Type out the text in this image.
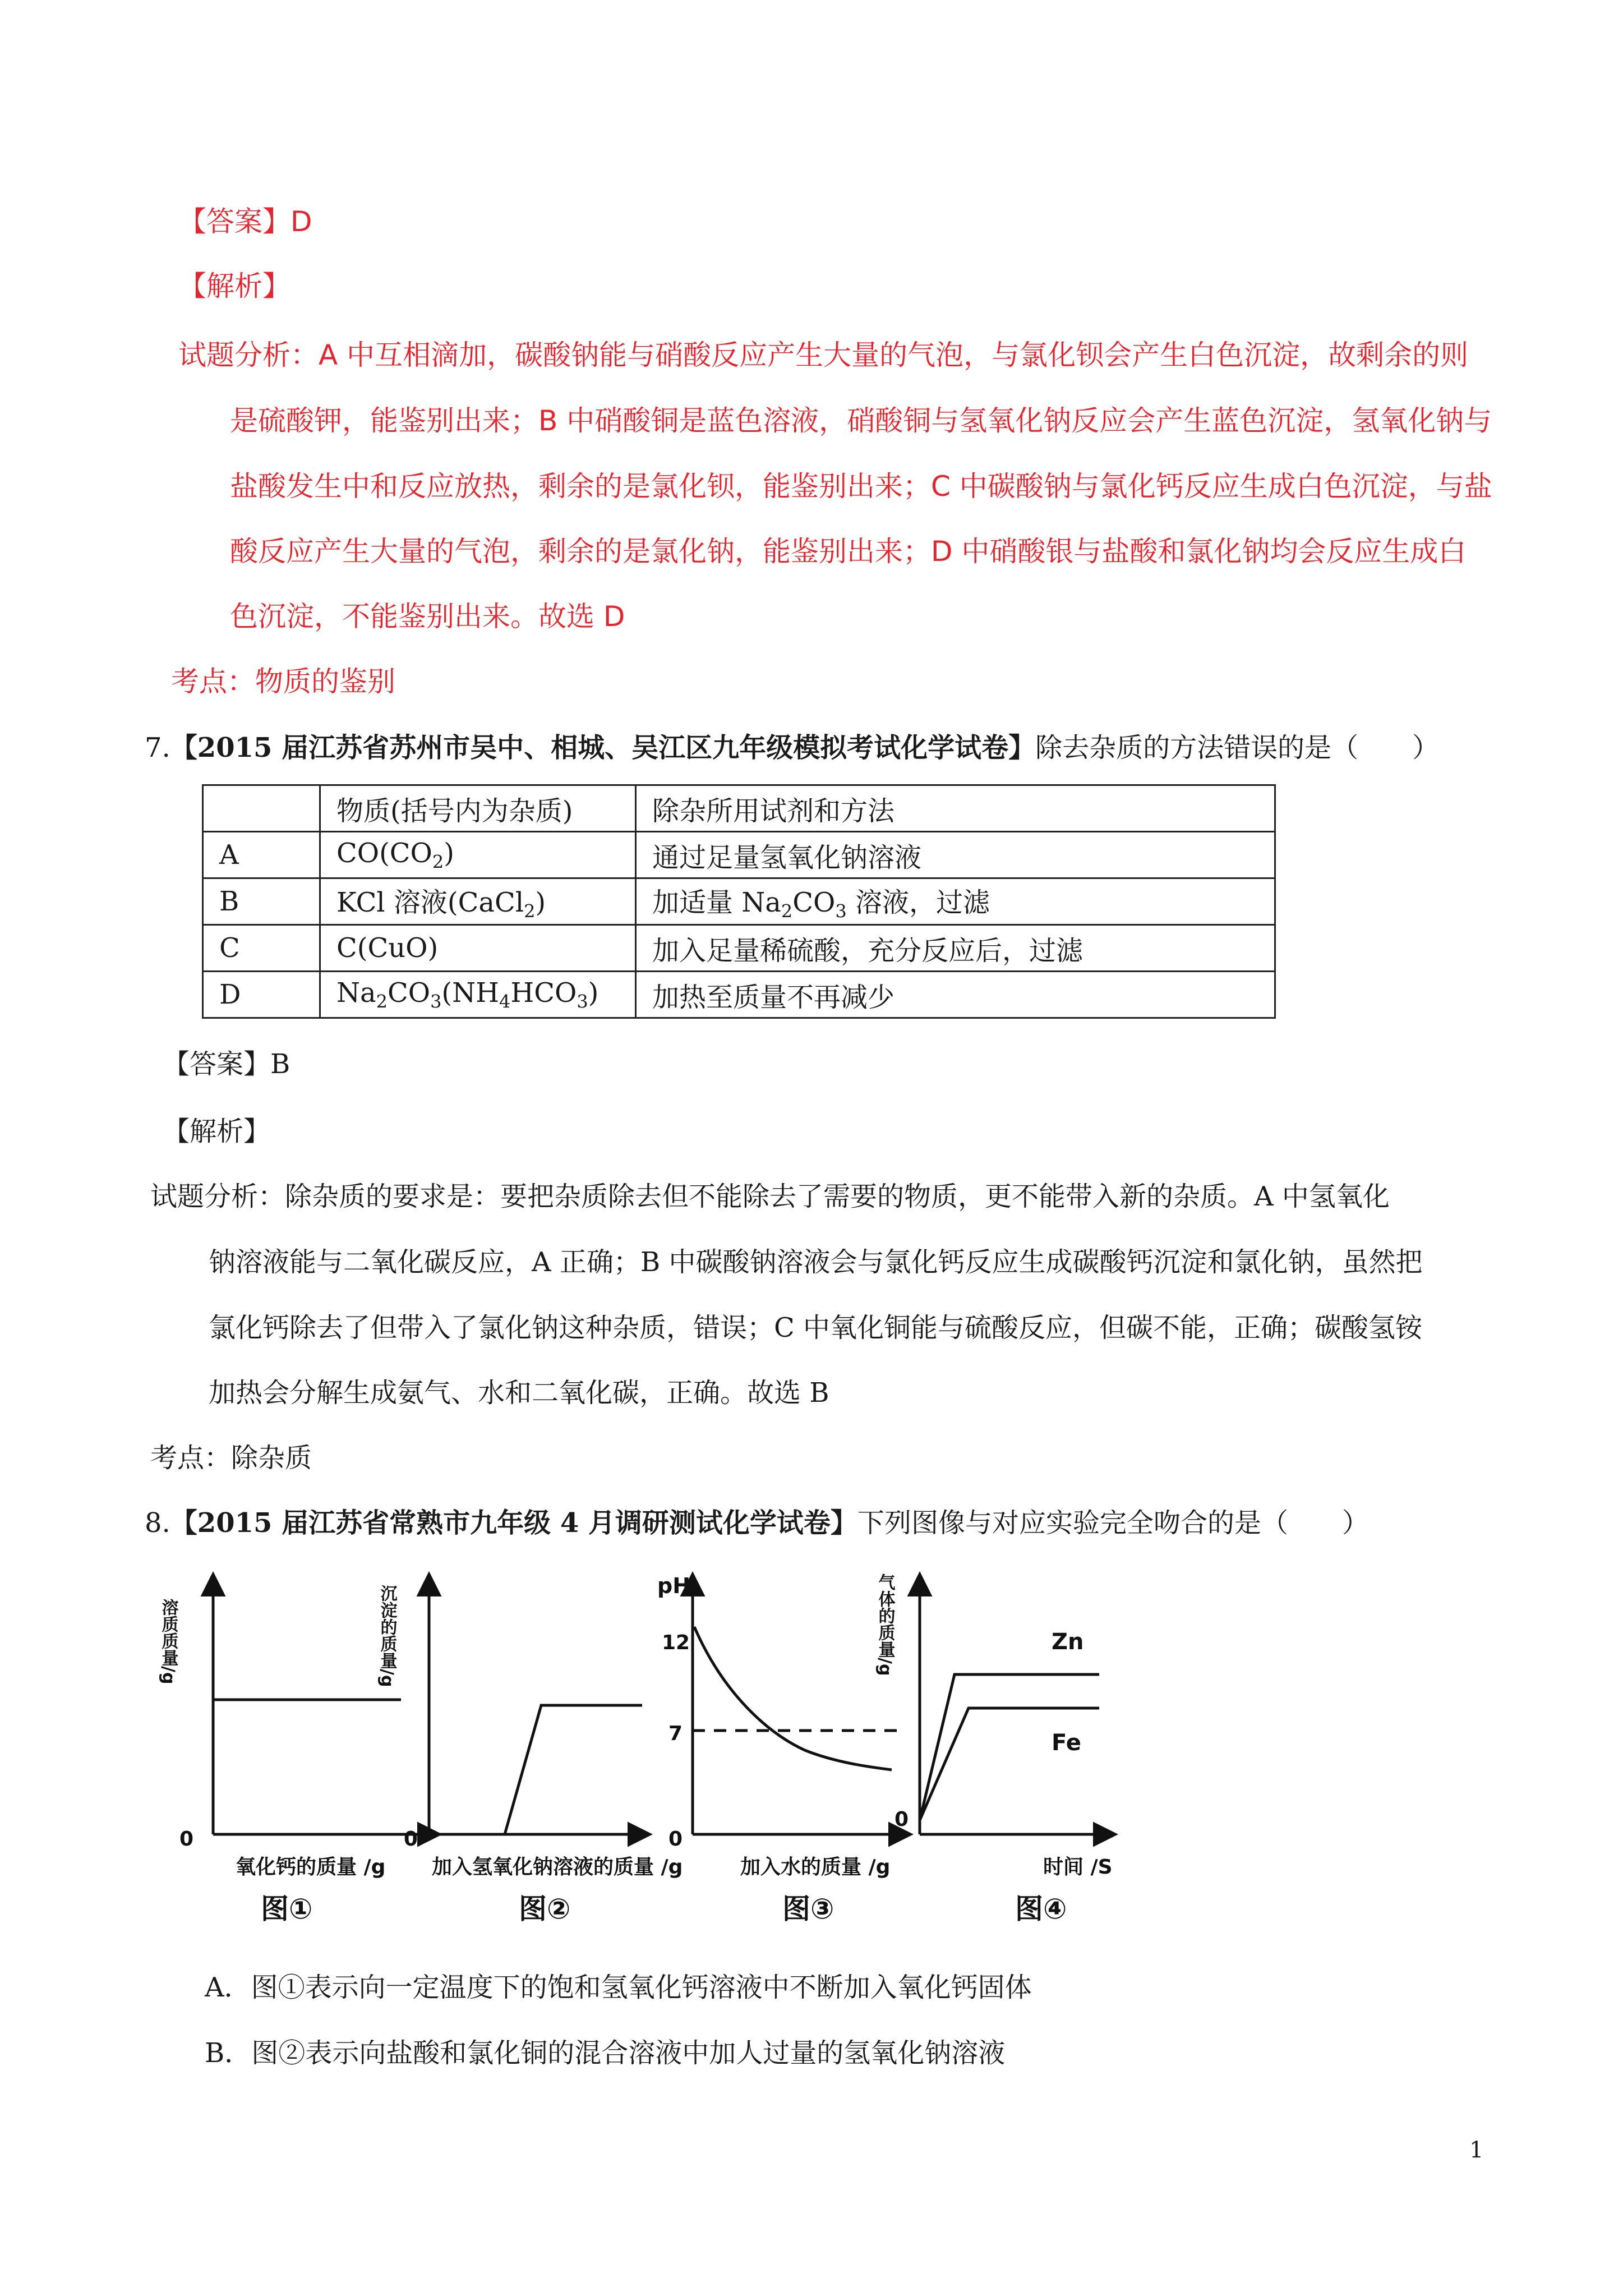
【答案】D
【解析】
试题分析：A 中互相滴加，碳酸钠能与硝酸反应产生大量的气泡，与氯化钡会产生白色沉淀，故剩余的则
是硫酸钾，能鉴别出来；B 中硝酸铜是蓝色溶液，硝酸铜与氢氧化钠反应会产生蓝色沉淀，氢氧化钠与
盐酸发生中和反应放热，剩余的是氯化钡，能鉴别出来；C 中碳酸钠与氯化钙反应生成白色沉淀，与盐
酸反应产生大量的气泡，剩余的是氯化钠，能鉴别出来；D 中硝酸银与盐酸和氯化钠均会反应生成白
色沉淀，不能鉴别出来。故选 D
考点：物质的鉴别
7.【2015 届江苏省苏州市吴中、相城、吴江区九年级模拟考试化学试卷】除去杂质的方法错误的是（　　）
	物质(括号内为杂质)	除杂所用试剂和方法
A	$CO(CO_2)$	通过足量氢氧化钠溶液
B	KCl 溶液(CaCl$_2$)	加适量 $Na_2CO_3$ 溶液，过滤
C	C(CuO)	加入足量稀硫酸，充分反应后，过滤
D	$Na_2CO_3(NH_4HCO_3)$	加热至质量不再减少
【答案】B
【解析】
试题分析：除杂质的要求是：要把杂质除去但不能除去了需要的物质，更不能带入新的杂质。A 中氢氧化
钠溶液能与二氧化碳反应，A 正确；B 中碳酸钠溶液会与氯化钙反应生成碳酸钙沉淀和氯化钠，虽然把
氯化钙除去了但带入了氯化钠这种杂质，错误；C 中氧化铜能与硫酸反应，但碳不能，正确；碳酸氢铵
加热会分解生成氨气、水和二氧化碳，正确。故选 B
考点：除杂质
8.【2015 届江苏省常熟市九年级 4 月调研测试化学试卷】下列图像与对应实验完全吻合的是（　　）
溶质质量/g
0
氧化钙的质量 /g
图①
沉淀的质量/g
0
加入氢氧化钠溶液的质量 /g
图②
pH
12
7
0
加入水的质量 /g
图③
气体的质量/g	Zn
Fe
0
时间 /S
图④
A．图①表示向一定温度下的饱和氢氧化钙溶液中不断加入氧化钙固体
B．图②表示向盐酸和氯化铜的混合溶液中加人过量的氢氧化钠溶液
1
